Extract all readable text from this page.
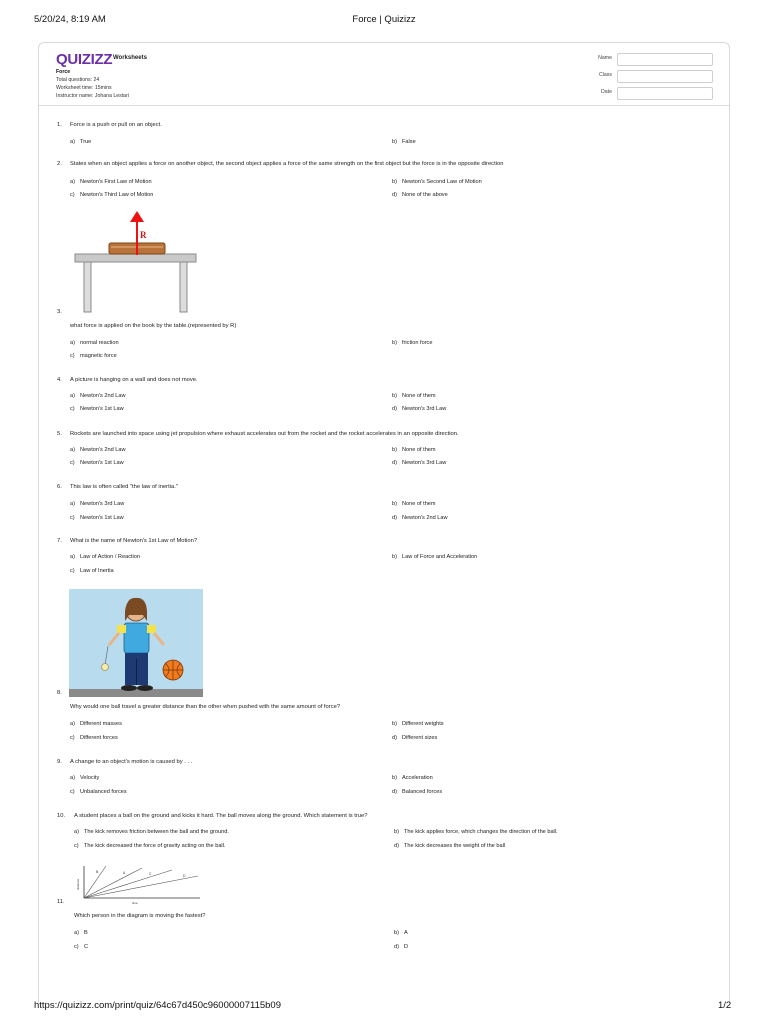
5/20/24, 8:19 AM	Force | Quizizz
QUIZIZZ Worksheets
Force
Total questions: 24
Worksheet time: 15mins
Instructor name: Johana Lestari
Name
Class
Date
1. Force is a push or pull on an object.
a) True	b) False
2. States when an object applies a force on another object, the second object applies a force of the same strength on the first object but the force is in the opposite direction
a) Newton's First Law of Motion	b) Newton's Second Law of Motion
c) Newton's Third Law of Motion	d) None of the above
R
3.
what force is applied on the book by the table.(represented by R)
a) normal reaction	b) friction force
c) magnetic force
4. A picture is hanging on a wall and does not move.
a) Newton's 2nd Law	b) None of them
c) Newton's 1st Law	d) Newton's 3rd Law
5. Rockets are launched into space using jet propulsion where exhaust accelerates out from the rocket and the rocket accelerates in an opposite direction.
a) Newton's 2nd Law	b) None of them
c) Newton's 1st Law	d) Newton's 3rd Law
6. This law is often called "the law of inertia."
a) Newton's 3rd Law	b) None of them
c) Newton's 1st Law	d) Newton's 2nd Law
7. What is the name of Newton's 1st Law of Motion?
a) Law of Action / Reaction	b) Law of Force and Acceleration
c) Law of Inertia
8.
Why would one ball travel a greater distance than the other when pushed with the same amount of force?
a) Different masses	b) Different weights
c) Different forces	d) Different sizes
9. A change to an object's motion is caused by . . .
a) Velocity	b) Acceleration
c) Unbalanced forces	d) Balanced forces
10. A student places a ball on the ground and kicks it hard. The ball moves along the ground. Which statement is true?
a) The kick removes friction between the ball and the ground.	b) The kick applies force, which changes the direction of the ball.
c) The kick decreased the force of gravity acting on the ball.	d) The kick decreases the weight of the ball
distance
time
B	A	C	D
11.
Which person in the diagram is moving the fastest?
a) B	b) A
c) C	d) D
https://quizizz.com/print/quiz/64c67d450c96000007115b09	1/2
